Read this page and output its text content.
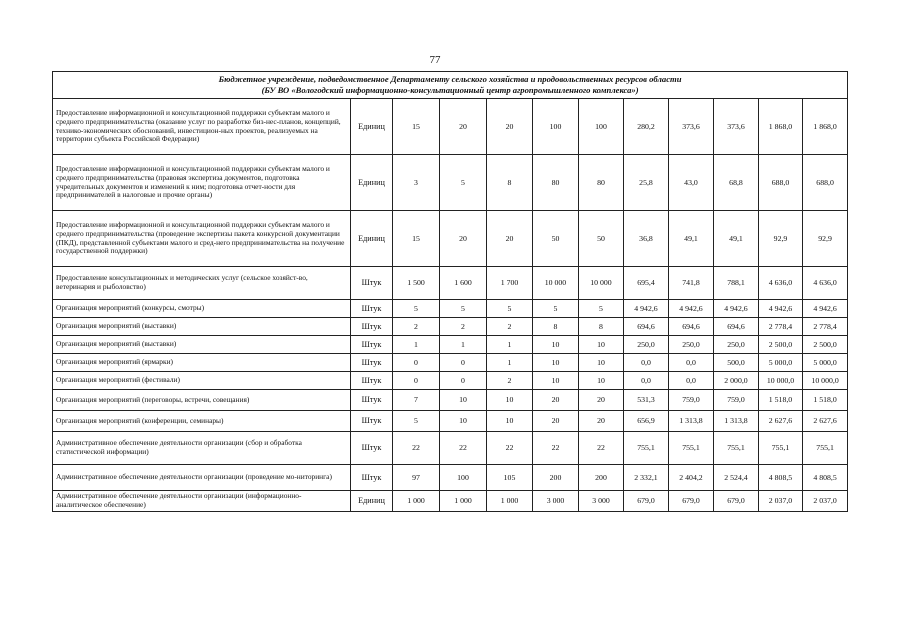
77
Бюджетное учреждение, подведомственное Департаменту сельского хозяйства и продовольственных ресурсов области
(БУ ВО «Вологодский информационно-консультационный центр агропромышленного комплекса»)											

Предоставление информационной и консультационной поддержки субъектам малого и среднего предпринимательства (оказание услуг по разработке биз-нес-планов, концепций, технико-экономических обоснований, инвестицион-ных проектов, реализуемых на территории субъекта Российской Федерации)	Единиц	15	20	20	100	100	280,2	373,6	373,6	1 868,0	1 868,0
Предоставление информационной и консультационной поддержки субъектам малого и среднего предпринимательства (правовая экспертиза документов, подготовка учредительных документов и изменений к ним; подготовка отчет-ности для предпринимателей в налоговые и прочие органы)	Единиц	3	5	8	80	80	25,8	43,0	68,8	688,0	688,0
Предоставление информационной и консультационной поддержки субъектам малого и среднего предпринимательства (проведение экспертизы пакета конкурсной документации (ПКД), представленной субъектами малого и сред-него предпринимательства на получение государственной поддержки)	Единиц	15	20	20	50	50	36,8	49,1	49,1	92,9	92,9
Предоставление консультационных и методических услуг (сельское хозяйст-во, ветеринария и рыболовство)	Штук	1 500	1 600	1 700	10 000	10 000	695,4	741,8	788,1	4 636,0	4 636,0
Организация мероприятий (конкурсы, смотры)	Штук	5	5	5	5	5	4 942,6	4 942,6	4 942,6	4 942,6	4 942,6
Организация мероприятий (выставки)	Штук	2	2	2	8	8	694,6	694,6	694,6	2 778,4	2 778,4
Организация мероприятий (выставки)	Штук	1	1	1	10	10	250,0	250,0	250,0	2 500,0	2 500,0
Организация мероприятий (ярмарки)	Штук	0	0	1	10	10	0,0	0,0	500,0	5 000,0	5 000,0
Организация мероприятий (фестивали)	Штук	0	0	2	10	10	0,0	0,0	2 000,0	10 000,0	10 000,0
Организация мероприятий (переговоры, встречи, совещания)	Штук	7	10	10	20	20	531,3	759,0	759,0	1 518,0	1 518,0
Организация мероприятий (конференции, семинары)	Штук	5	10	10	20	20	656,9	1 313,8	1 313,8	2 627,6	2 627,6
Административное обеспечение деятельности организации (сбор и обработка статистической информации)	Штук	22	22	22	22	22	755,1	755,1	755,1	755,1	755,1
Административное обеспечение деятельности организации (проведение мо-ниторинга)	Штук	97	100	105	200	200	2 332,1	2 404,2	2 524,4	4 808,5	4 808,5
Административное обеспечение деятельности организации (информационно-аналитическое обеспечение)	Единиц	1 000	1 000	1 000	3 000	3 000	679,0	679,0	679,0	2 037,0	2 037,0
